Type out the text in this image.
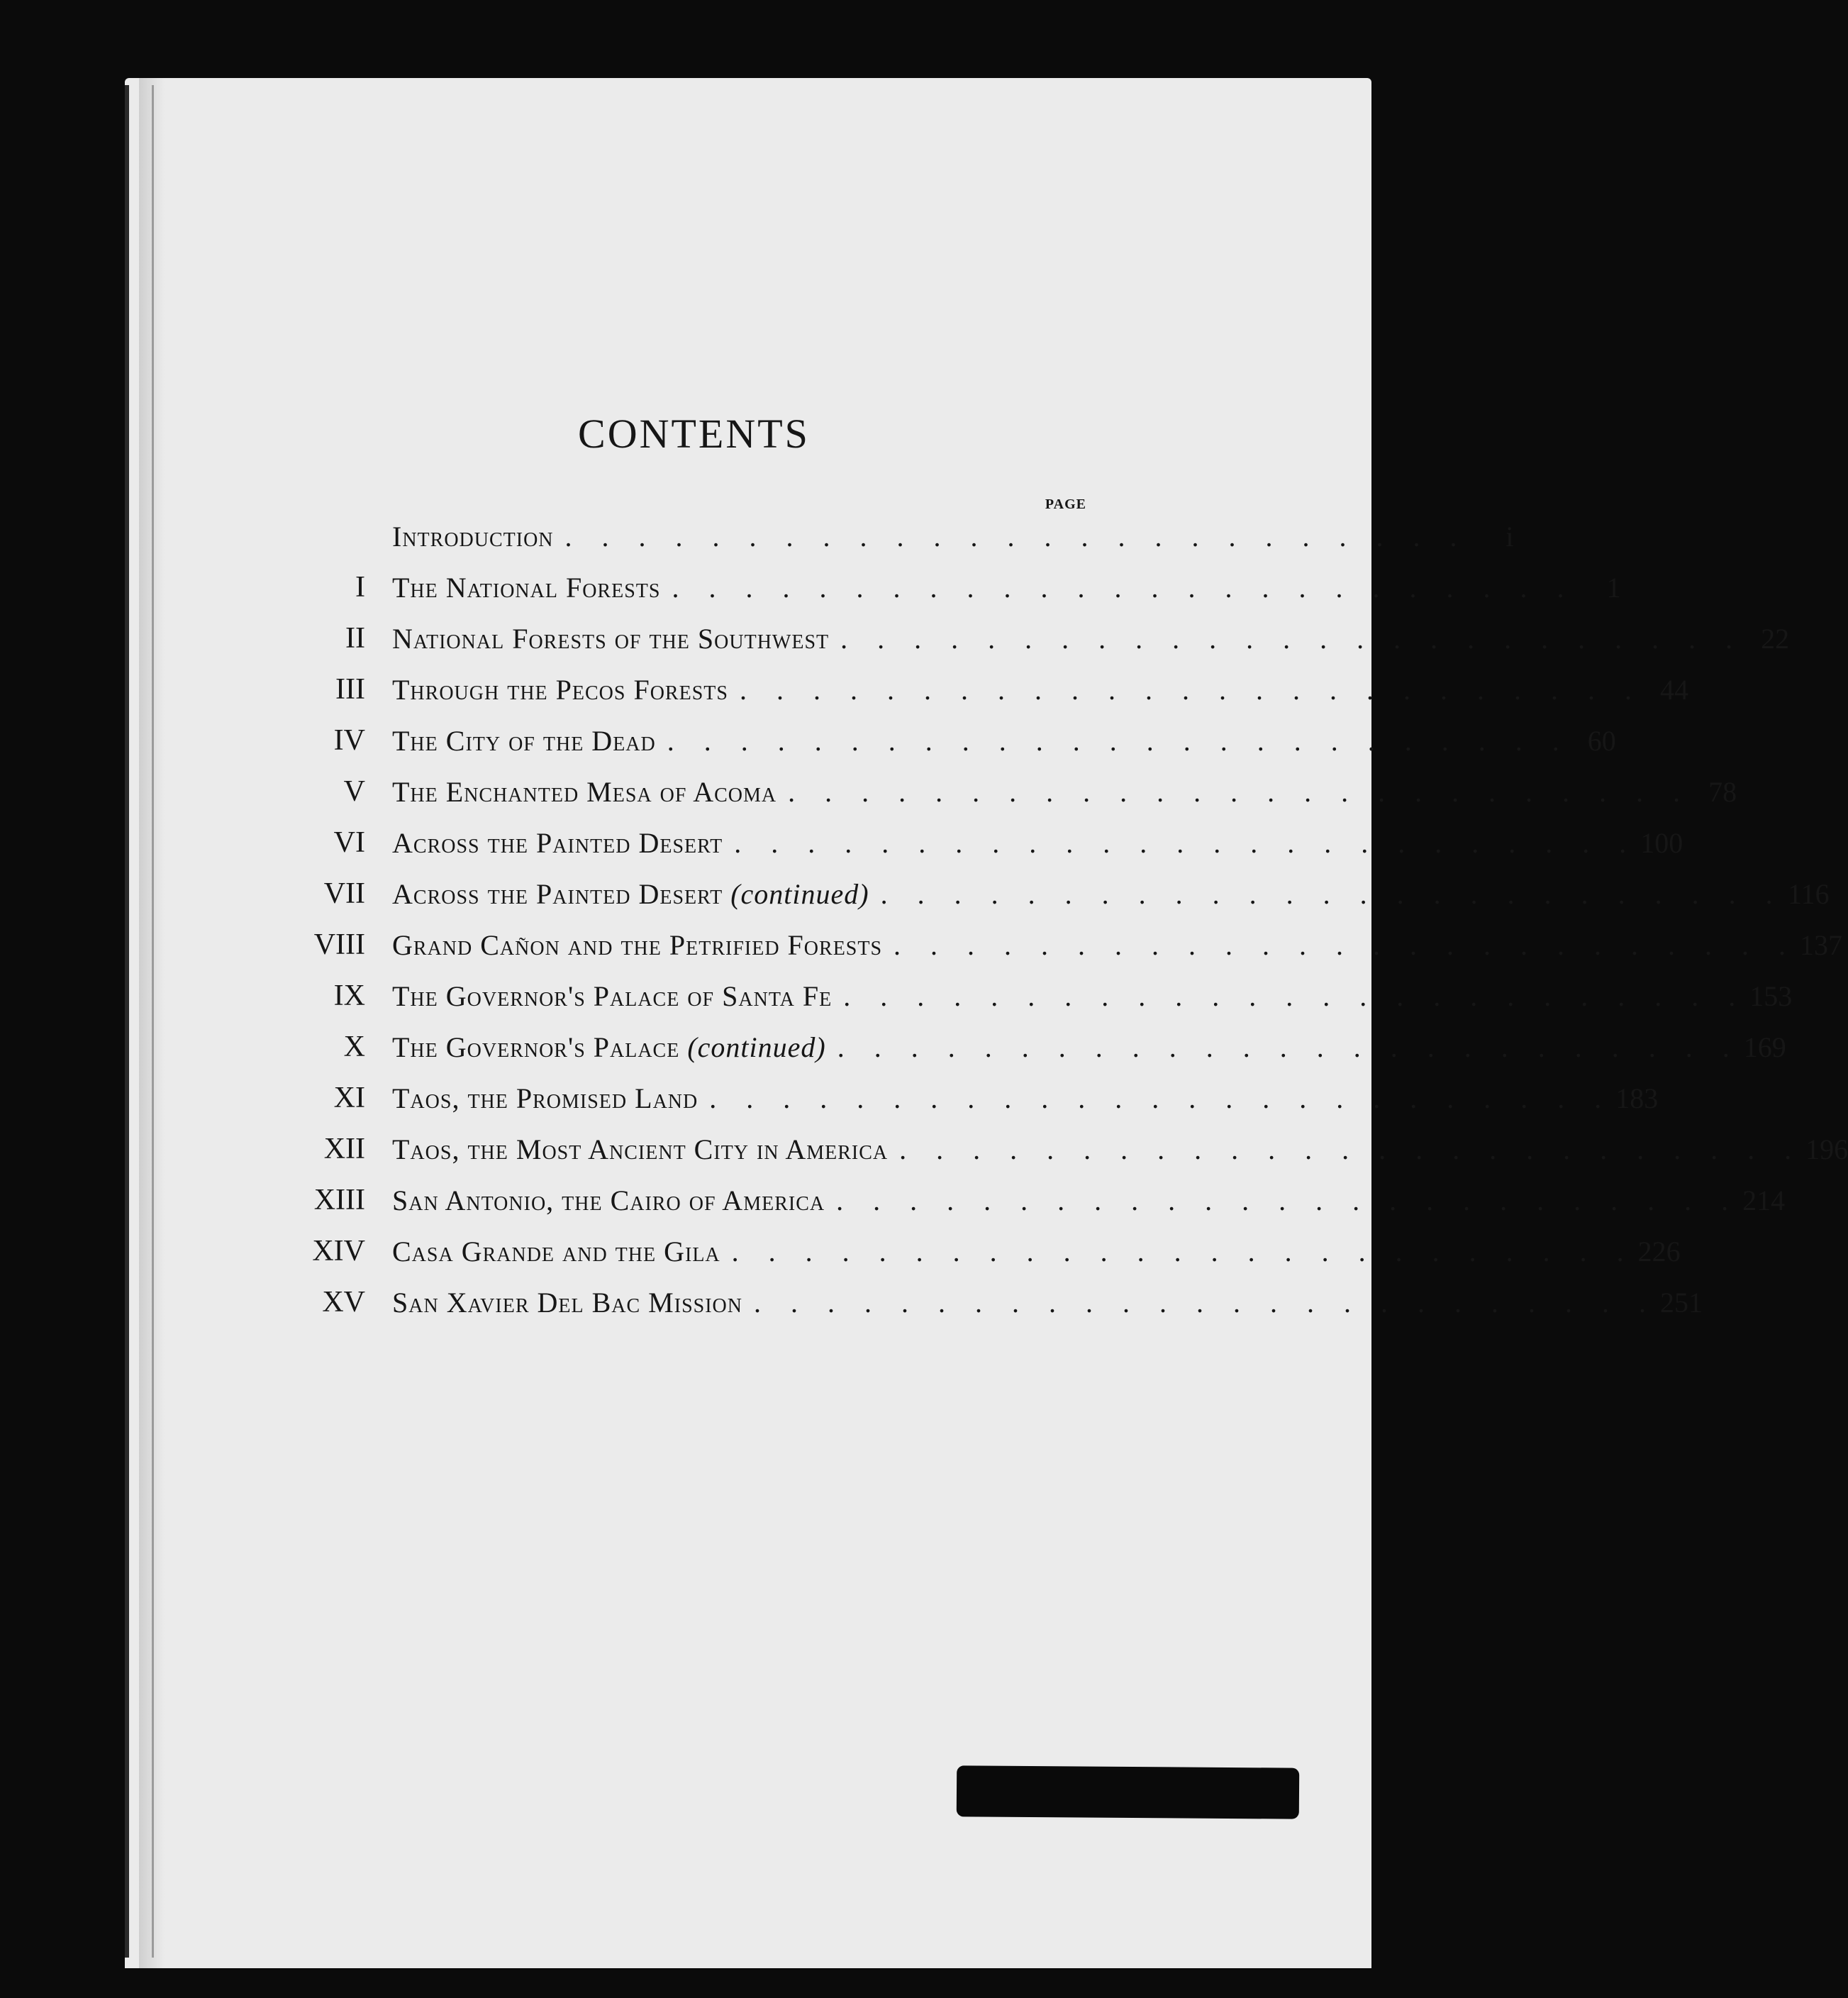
CONTENTS
PAGE
Introduction . . . . . . . . . . . . . . . . . . . . . . . . .	i
I The National Forests . . . . . . . . . . . . . . . . . . . . . . . . .	1
II National Forests of the Southwest . . . . . . . . . . . . . . . . . . . . . . . . . 22
III Through the Pecos Forests . . . . . . . . . . . . . . . . . . . . . . . . . 44
IV The City of the Dead . . . . . . . . . . . . . . . . . . . . . . . . . 60
V The Enchanted Mesa of Acoma . . . . . . . . . . . . . . . . . . . . . . . . . 78
VI Across the Painted Desert . . . . . . . . . . . . . . . . . . . . . . . . . 100
VII Across the Painted Desert (continued) . . . . . . . . . . . . . . . . . . . . . . . . . 116
VIII Grand Cañon and the Petrified Forests . . . . . . . . . . . . . . . . . . . . . . . . . 137
IX The Governor's Palace of Santa Fe . . . . . . . . . . . . . . . . . . . . . . . . . 153
X The Governor's Palace (continued) . . . . . . . . . . . . . . . . . . . . . . . . . 169
XI Taos, the Promised Land . . . . . . . . . . . . . . . . . . . . . . . . . 183
XII Taos, the Most Ancient City in America . . . . . . . . . . . . . . . . . . . . . . . . . 196
XIII San Antonio, the Cairo of America . . . . . . . . . . . . . . . . . . . . . . . . . 214
XIV Casa Grande and the Gila . . . . . . . . . . . . . . . . . . . . . . . . . 226
XV San Xavier Del Bac Mission . . . . . . . . . . . . . . . . . . . . . . . . . 251
